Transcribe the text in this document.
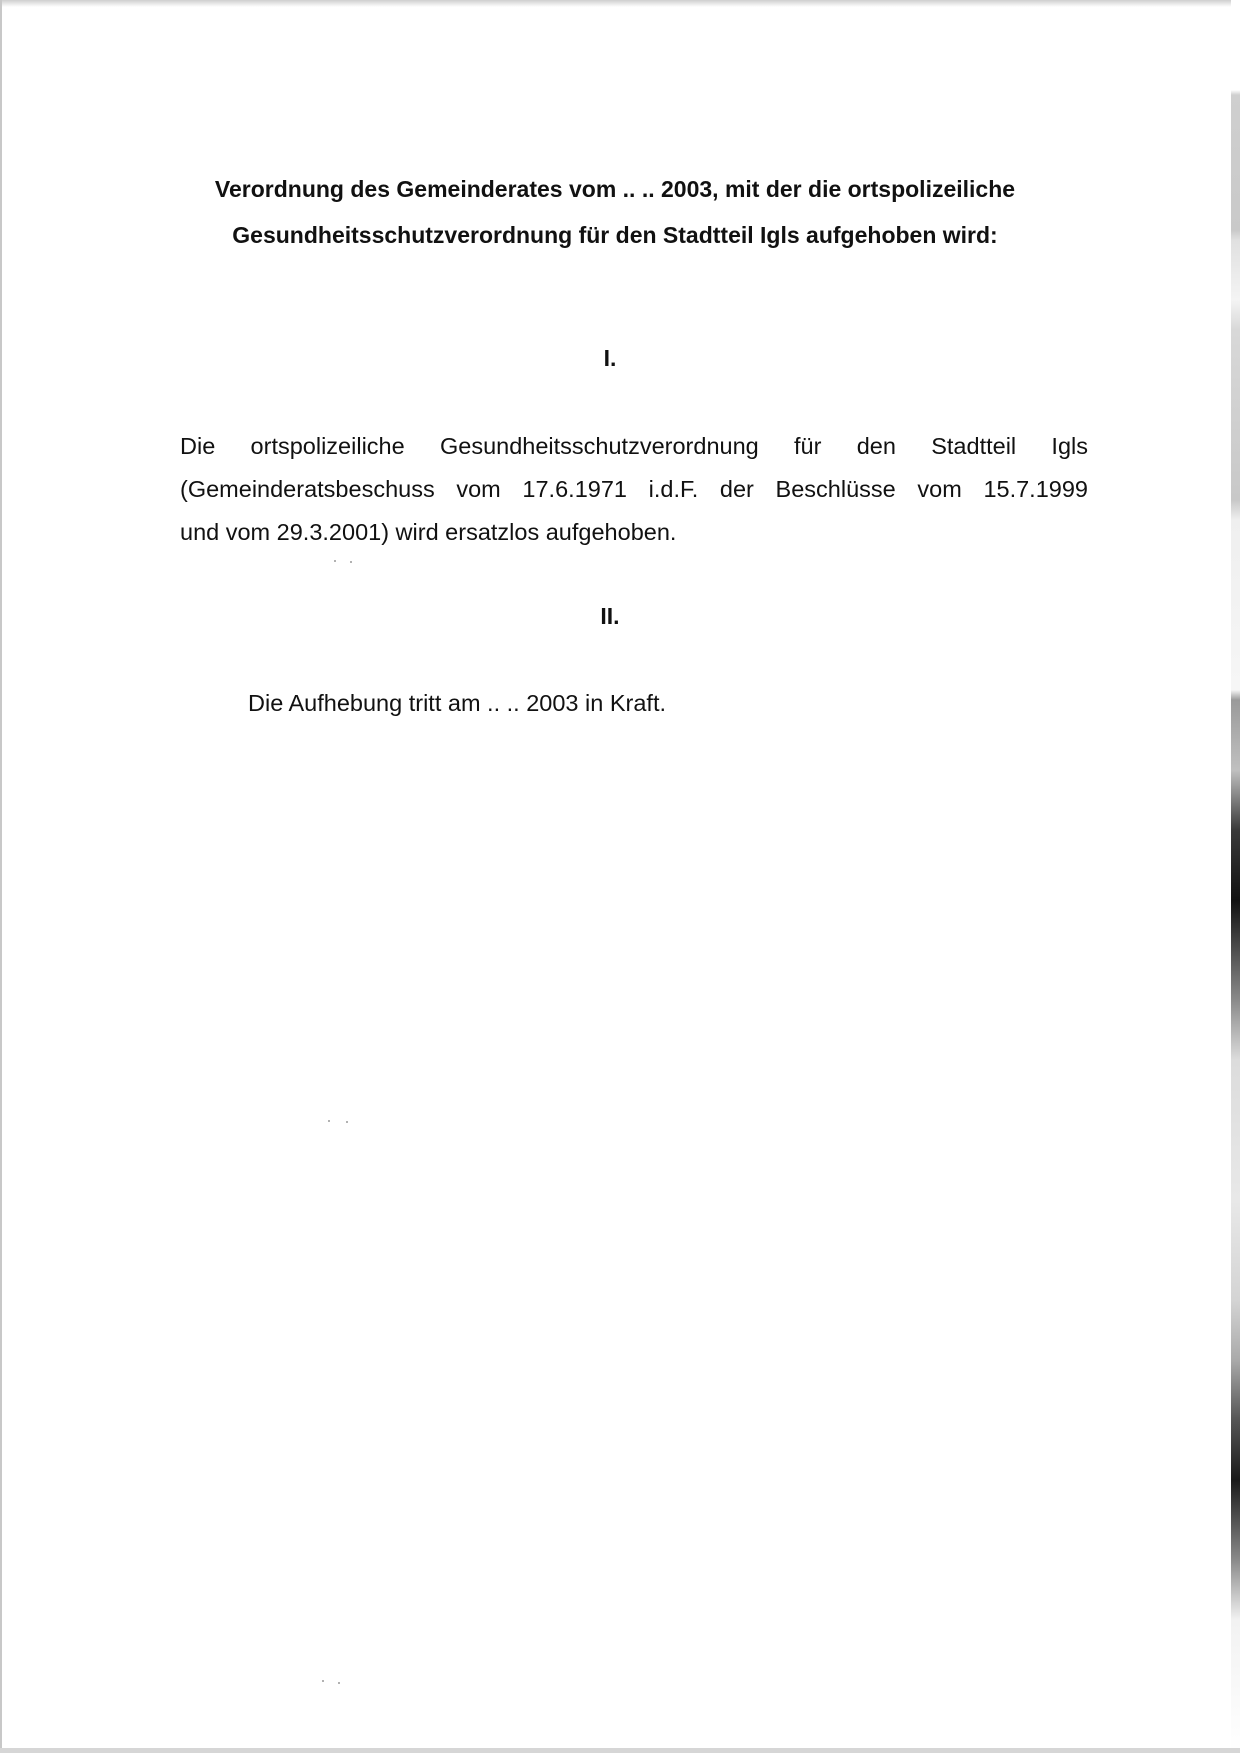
Verordnung des Gemeinderates vom .. .. 2003, mit der die ortspolizeiliche
Gesundheitsschutzverordnung für den Stadtteil Igls aufgehoben wird:
I.
Die ortspolizeiliche Gesundheitsschutzverordnung für den Stadtteil Igls
(Gemeinderatsbeschuss vom 17.6.1971 i.d.F. der Beschlüsse vom 15.7.1999
und vom 29.3.2001) wird ersatzlos aufgehoben.
II.
Die Aufhebung tritt am .. .. 2003 in Kraft.
